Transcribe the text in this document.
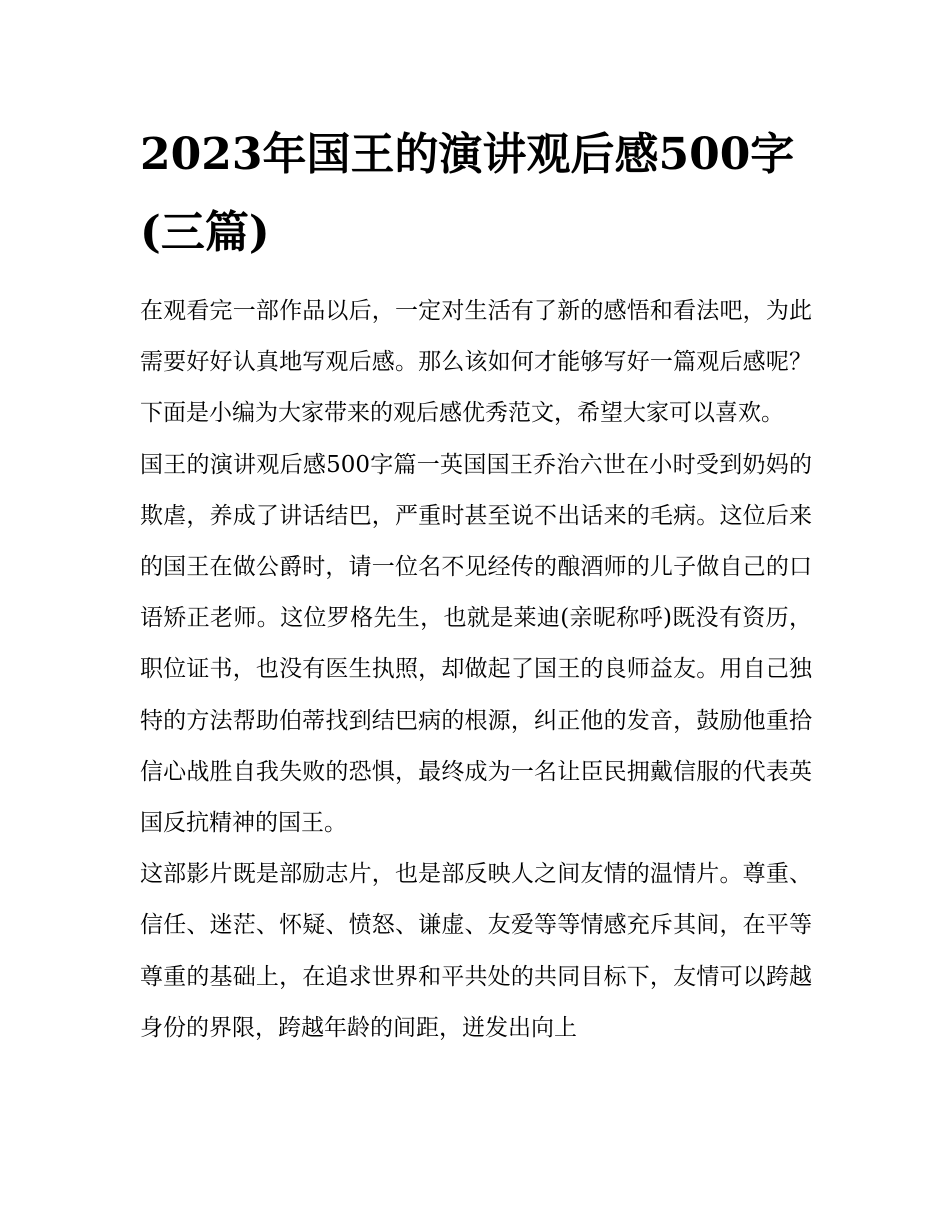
2023年国王的演讲观后感500字(三篇)

在观看完一部作品以后，一定对生活有了新的感悟和看法吧，为此需要好好认真地写观后感。那么该如何才能够写好一篇观后感呢？下面是小编为大家带来的观后感优秀范文，希望大家可以喜欢。

国王的演讲观后感500字篇一英国国王乔治六世在小时受到奶妈的欺虐，养成了讲话结巴，严重时甚至说不出话来的毛病。这位后来的国王在做公爵时，请一位名不见经传的酿酒师的儿子做自己的口语矫正老师。这位罗格先生，也就是莱迪(亲昵称呼)既没有资历，职位证书，也没有医生执照，却做起了国王的良师益友。用自己独特的方法帮助伯蒂找到结巴病的根源，纠正他的发音，鼓励他重拾信心战胜自我失败的恐惧，最终成为一名让臣民拥戴信服的代表英国反抗精神的国王。

这部影片既是部励志片，也是部反映人之间友情的温情片。尊重、信任、迷茫、怀疑、愤怒、谦虚、友爱等等情感充斥其间，在平等尊重的基础上，在追求世界和平共处的共同目标下，友情可以跨越身份的界限，跨越年龄的间距，迸发出向上
